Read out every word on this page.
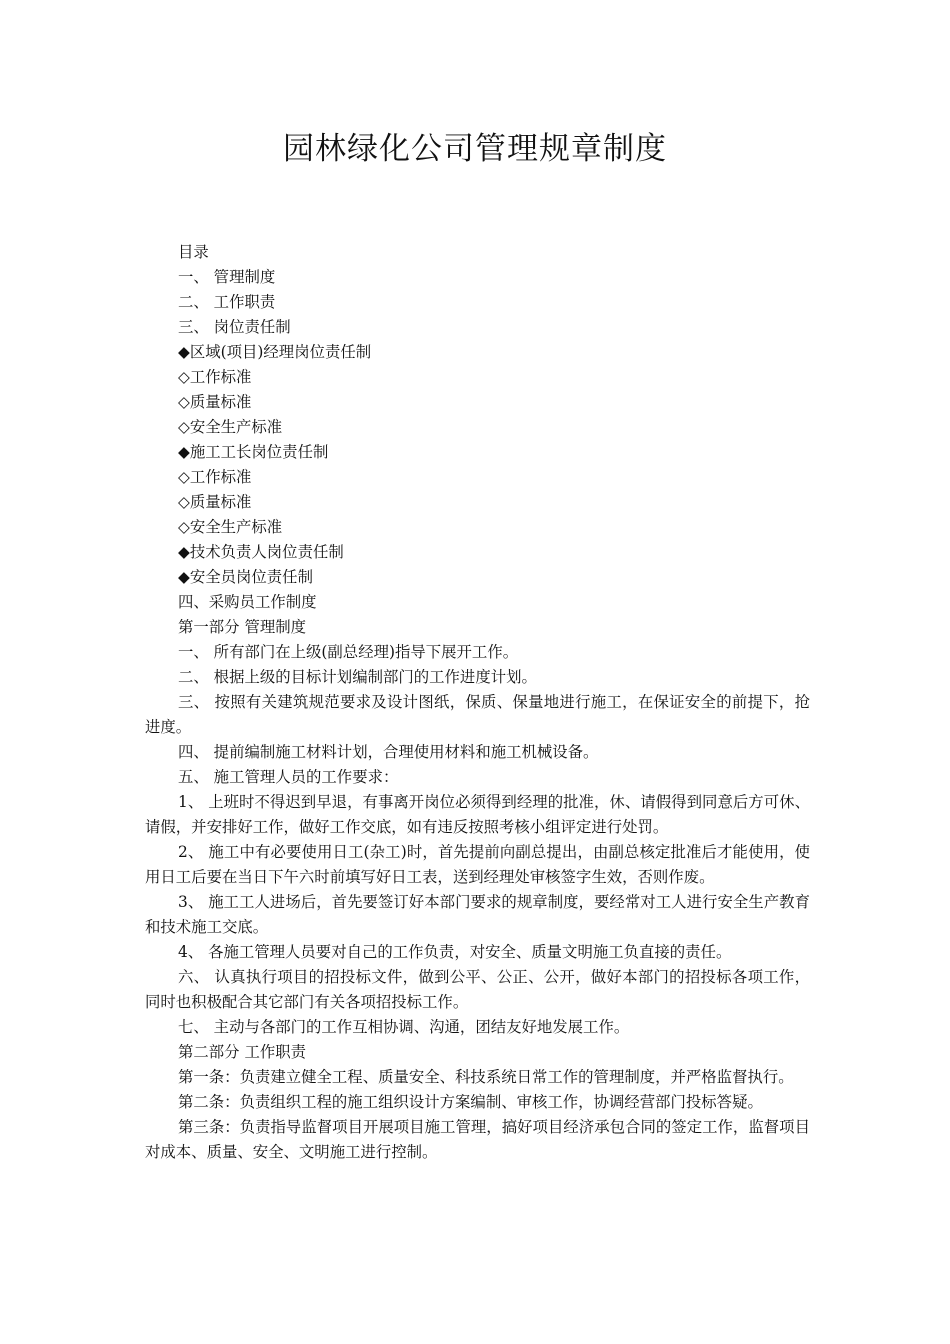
园林绿化公司管理规章制度
目录
一、 管理制度
二、 工作职责
三、 岗位责任制
◆区域(项目)经理岗位责任制
◇工作标准
◇质量标准
◇安全生产标准
◆施工工长岗位责任制
◇工作标准
◇质量标准
◇安全生产标准
◆技术负责人岗位责任制
◆安全员岗位责任制
四、采购员工作制度
第一部分 管理制度
一、 所有部门在上级(副总经理)指导下展开工作。
二、 根据上级的目标计划编制部门的工作进度计划。
三、 按照有关建筑规范要求及设计图纸，保质、保量地进行施工，在保证安全的前提下，抢进度。
四、 提前编制施工材料计划，合理使用材料和施工机械设备。
五、 施工管理人员的工作要求：
1、 上班时不得迟到早退，有事离开岗位必须得到经理的批准，休、请假得到同意后方可休、请假，并安排好工作，做好工作交底，如有违反按照考核小组评定进行处罚。
2、 施工中有必要使用日工(杂工)时，首先提前向副总提出，由副总核定批准后才能使用，使用日工后要在当日下午六时前填写好日工表，送到经理处审核签字生效，否则作废。
3、 施工工人进场后，首先要签订好本部门要求的规章制度，要经常对工人进行安全生产教育和技术施工交底。
4、 各施工管理人员要对自己的工作负责，对安全、质量文明施工负直接的责任。
六、 认真执行项目的招投标文件，做到公平、公正、公开，做好本部门的招投标各项工作，同时也积极配合其它部门有关各项招投标工作。
七、 主动与各部门的工作互相协调、沟通，团结友好地发展工作。
第二部分 工作职责
第一条：负责建立健全工程、质量安全、科技系统日常工作的管理制度，并严格监督执行。
第二条：负责组织工程的施工组织设计方案编制、审核工作，协调经营部门投标答疑。
第三条：负责指导监督项目开展项目施工管理，搞好项目经济承包合同的签定工作，监督项目对成本、质量、安全、文明施工进行控制。
